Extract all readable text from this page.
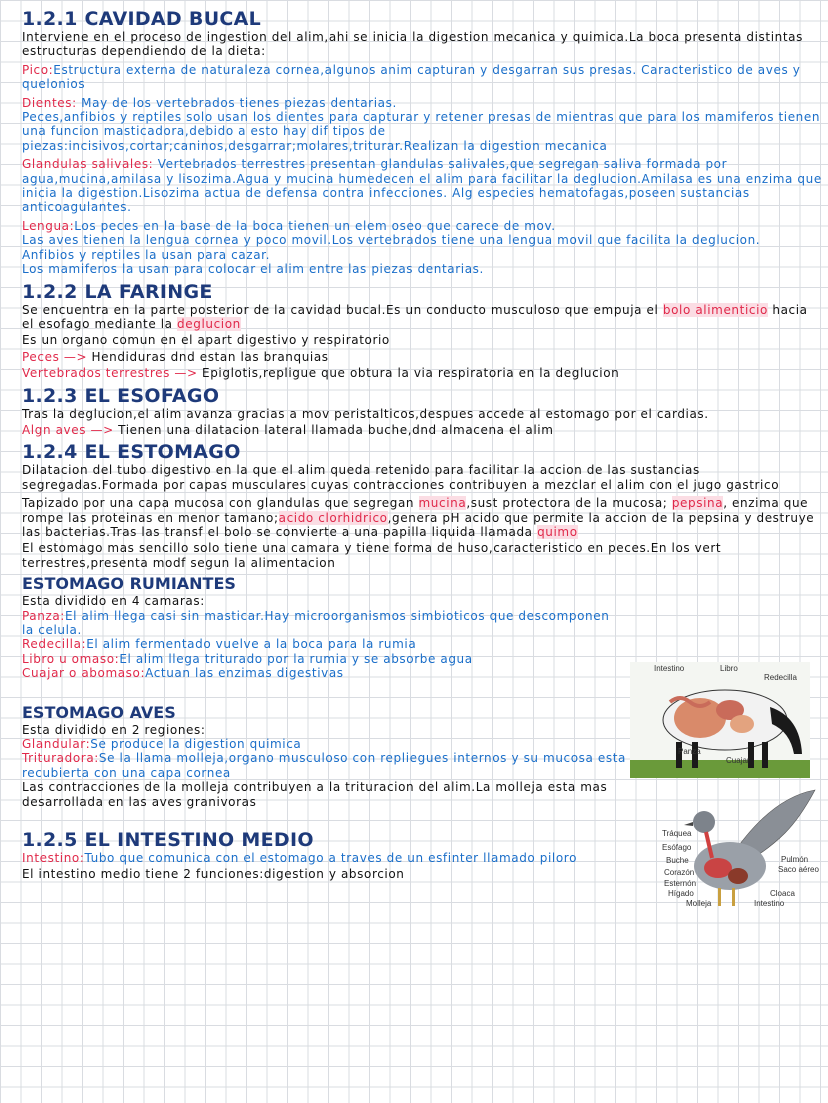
1.2.1 CAVIDAD BUCAL

Interviene en el proceso de ingestion del alim,ahi se inicia la digestion mecanica y quimica.La boca presenta distintas estructuras dependiendo de la dieta:

Pico:Estructura externa de naturaleza cornea,algunos anim capturan y desgarran sus presas. Caracteristico de aves y quelonios

Dientes: May de los vertebrados tienes piezas dentarias.

Peces,anfibios y reptiles solo usan los dientes para capturar y retener presas de mientras que para los mamiferos tienen una funcion masticadora,debido a esto hay dif tipos de piezas:incisivos,cortar;caninos,desgarrar;molares,triturar.Realizan la digestion mecanica

Glandulas salivales: Vertebrados terrestres presentan glandulas salivales,que segregan saliva formada por agua,mucina,amilasa y lisozima.Agua y mucina humedecen el alim para facilitar la deglucion.Amilasa es una enzima que inicia la digestion.Lisozima actua de defensa contra infecciones. Alg especies hematofagas,poseen sustancias anticoagulantes.

Lengua:Los peces en la base de la boca tienen un elem oseo que carece de mov.

Las aves tienen la lengua cornea y poco movil.Los vertebrados tiene una lengua movil que facilita la deglucion.

Anfibios y reptiles la usan para cazar.

Los mamiferos la usan para colocar el alim entre las piezas dentarias.

1.2.2 LA FARINGE

Se encuentra en la parte posterior de la cavidad bucal.Es un conducto musculoso que empuja el bolo alimenticio hacia el esofago mediante la deglucion

Es un organo comun en el apart digestivo y respiratorio

Peces —> Hendiduras dnd estan las branquias

Vertebrados terrestres —> Epiglotis,repligue que obtura la via respiratoria en la deglucion

1.2.3 EL ESOFAGO

Tras la deglucion,el alim avanza gracias a mov peristalticos,despues accede al estomago por el cardias.

Algn aves —> Tienen una dilatacion lateral llamada buche,dnd almacena el alim

1.2.4 EL ESTOMAGO

Dilatacion del tubo digestivo en la que el alim queda retenido para facilitar la accion de las sustancias segregadas.Formada por capas musculares cuyas contracciones contribuyen a mezclar el alim con el jugo gastrico

Tapizado por una capa mucosa con glandulas que segregan mucina,sust protectora de la mucosa; pepsina, enzima que rompe las proteinas en menor tamano;acido clorhidrico,genera pH acido que permite la accion de la pepsina y destruye las bacterias.Tras las transf el bolo se convierte a una papilla liquida llamada quimo

El estomago mas sencillo solo tiene una camara y tiene forma de huso,caracteristico en peces.En los vert terrestres,presenta modf segun la alimentacion

ESTOMAGO RUMIANTES

Esta dividido en 4 camaras:

Panza:El alim llega casi sin masticar.Hay microorganismos simbioticos que descomponen la celula.

Redecilla:El alim fermentado vuelve a la boca para la rumia

Libro u omaso:El alim llega triturado por la rumia y se absorbe agua

Cuajar o abomaso:Actuan las enzimas digestivas

ESTOMAGO AVES

Esta dividido en 2 regiones:

Glandular:Se produce la digestion quimica

Trituradora:Se la llama molleja,organo musculoso con repliegues internos y su mucosa esta recubierta con una capa cornea

Las contracciones de la molleja contribuyen a la trituracion del alim.La molleja esta mas desarrollada en las aves granivoras

1.2.5 EL INTESTINO MEDIO

Intestino:Tubo que comunica con el estomago a traves de un esfinter llamado piloro

El intestino medio tiene 2 funciones:digestion y absorcion

Intestino	Libro
Redecilla
Panza
Cuajar
Tráquea
Esófago
Buche
Corazón
Esternón
Hígado
Molleja
Pulmón
Saco aéreo
Cloaca
Intestino
